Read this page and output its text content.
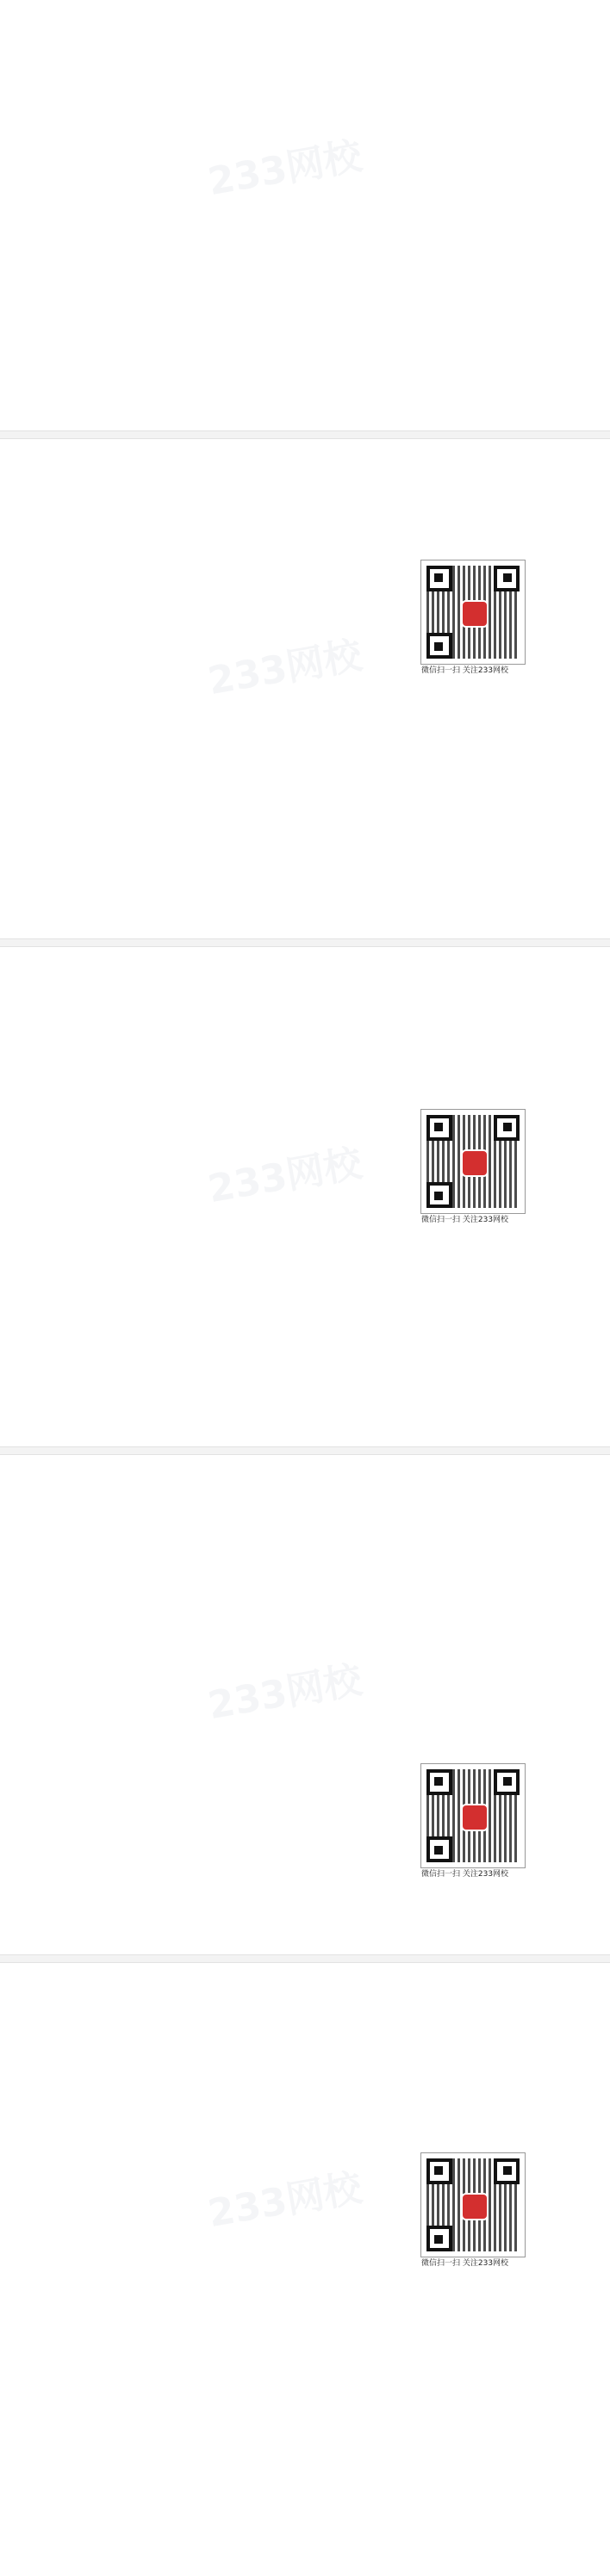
233网校
233网校
233网校
233网校
233网校
微信扫一扫 关注233网校
微信扫一扫 关注233网校
微信扫一扫 关注233网校
微信扫一扫 关注233网校
